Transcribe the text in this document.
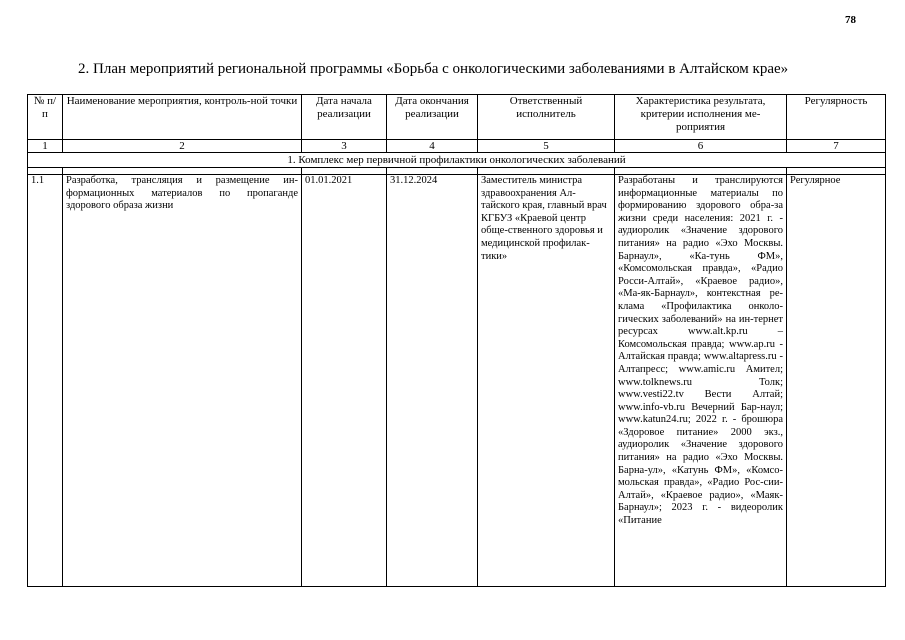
78
2. План мероприятий региональной программы «Борьба с онкологическими заболеваниями в Алтайском крае»
№ п/п	Наименование мероприятия, контроль-ной точки	Дата начала реализации	Дата окончания реализации	Ответственный исполнитель	Характеристика результата, критерии исполнения ме-роприятия	Регулярность
1	2	3	4	5	6	7
1. Комплекс мер первичной профилактики онкологических заболеваний						

1.1	Разработка, трансляция и размещение ин-формационных материалов по пропаганде здорового образа жизни	01.01.2021	31.12.2024	Заместитель министра здравоохранения Ал-тайского края, главный врач КГБУЗ «Краевой центр обще-ственного здоровья и медицинской профилак-тики»	Разработаны и транслируются информационные материалы по формированию здорового обра-за жизни среди населения: 2021 г. - аудиоролик «Значение здорового питания» на радио «Эхо Москвы. Барнаул», «Ка-тунь ФМ», «Комсомольская правда», «Радио Росси-Алтай», «Краевое радио», «Ма-як-Барнаул», контекстная ре-клама «Профилактика онколо-гических заболеваний» на ин-тернет ресурсах www.alt.kp.ru – Комсомольская правда; www.ap.ru - Алтайская правда; www.altapress.ru - Алтапресс; www.amic.ru Амител; www.tolknews.ru Толк; www.vesti22.tv Вести Алтай; www.info-vb.ru Вечерний Бар-наул; www.katun24.ru; 2022 г. - брошюра «Здоровое питание» 2000 экз., аудиоролик «Значение здорового питания» на радио «Эхо Москвы. Барна-ул», «Катунь ФМ», «Комсо-мольская правда», «Радио Рос-сии-Алтай», «Краевое радио», «Маяк-Барнаул»; 2023 г. - видеоролик «Питание	Регулярное
